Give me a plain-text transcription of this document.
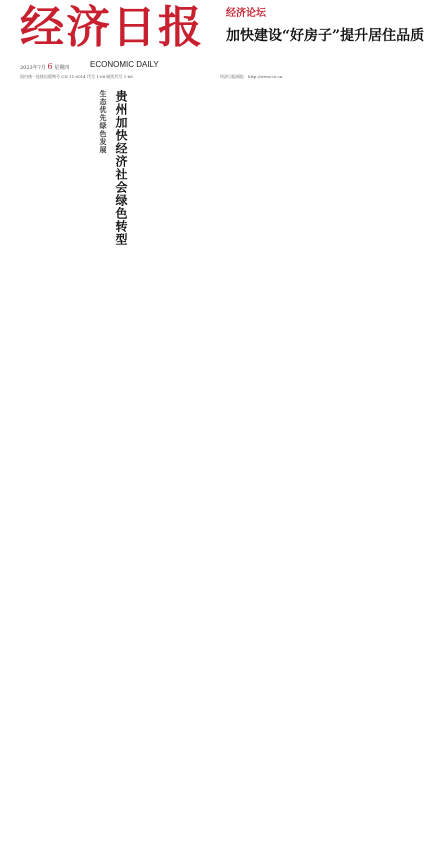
经济日报
ECONOMIC DAILY
2023年7月 6 星期四
国内统一连续出版物号 CN 11-0014 代号 1-68 邮发代号 1-68	经济日报网址：http://www.ce.cn
经济论坛
加快建设“好房子”提升居住品质
贵州加快经济社会绿色转型
生态优先绿色发展
